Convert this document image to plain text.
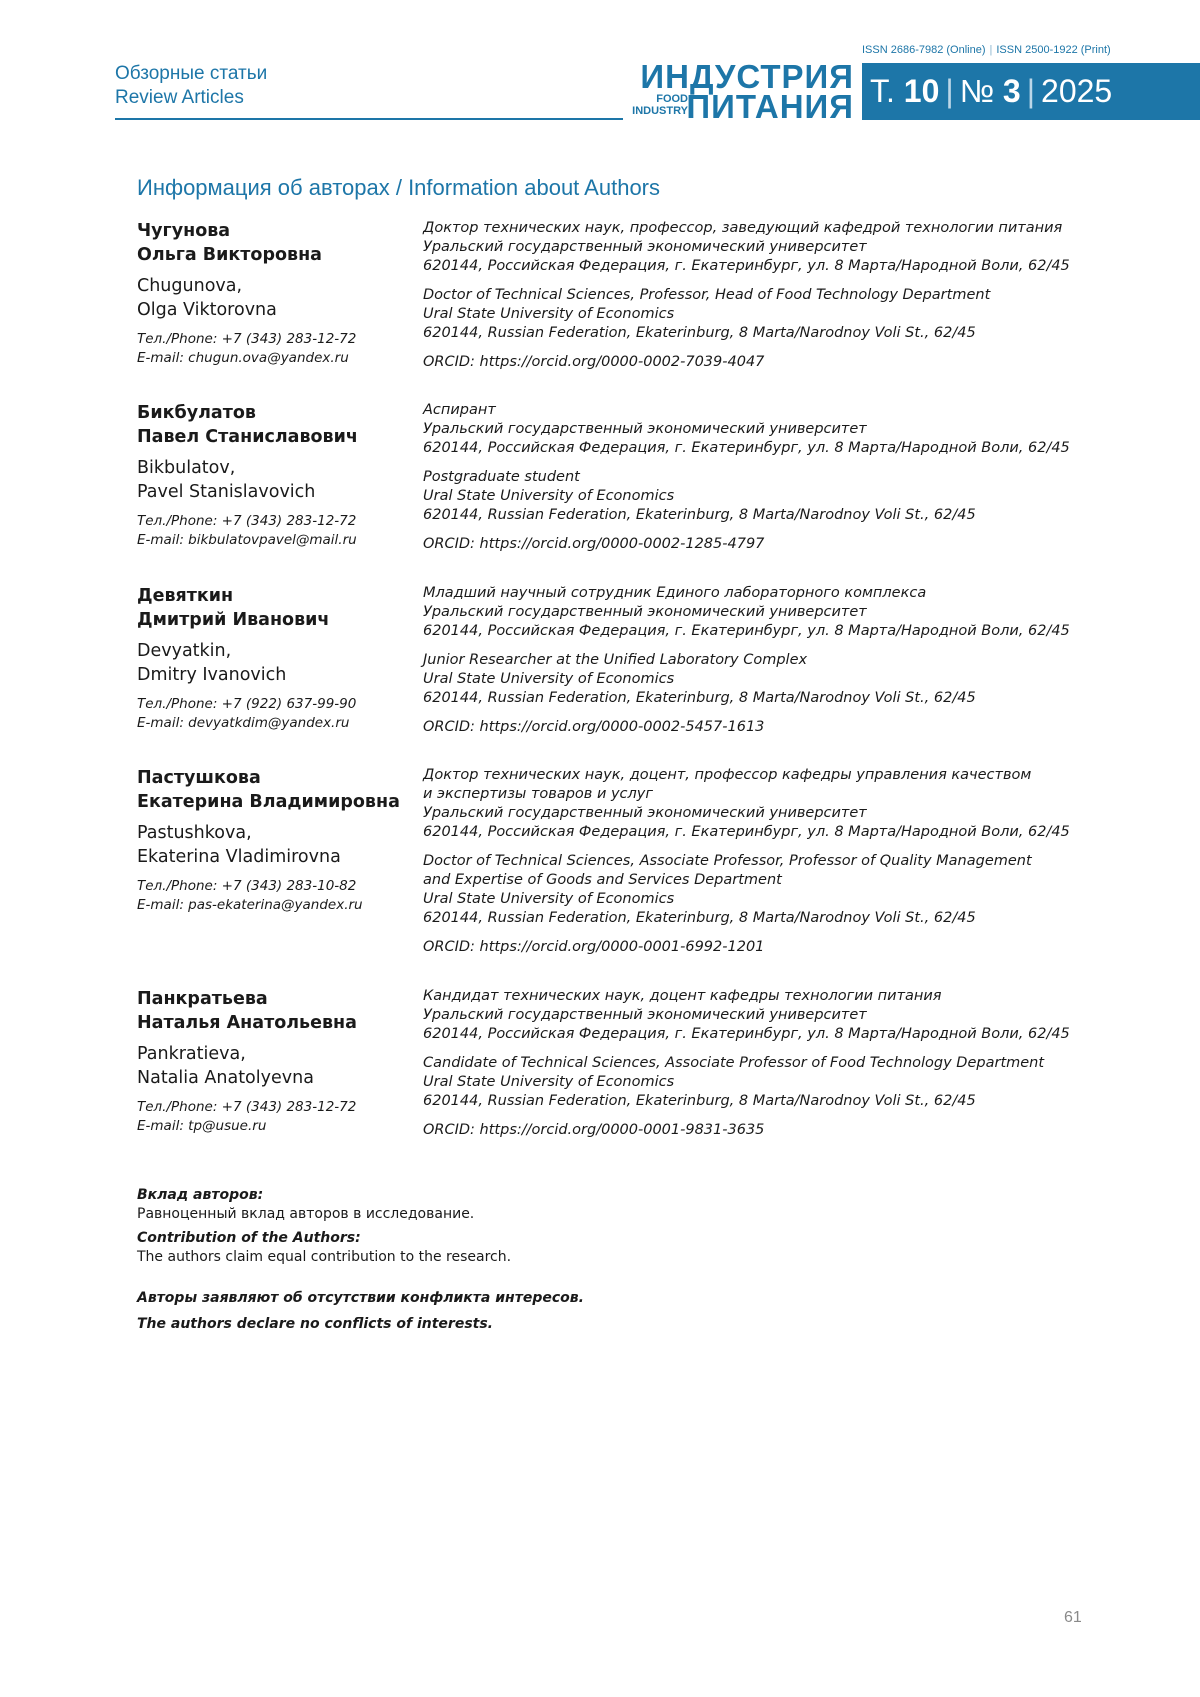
Обзорные статьи
Review Articles
ISSN 2686-7982 (Online) | ISSN 2500-1922 (Print)
ИНДУСТРИЯ
FOOD
INDUSTRY
ПИТАНИЯ Т. 10 | № 3 | 2025
Информация об авторах / Information about Authors
Чугунова
Ольга Викторовна
Chugunova,
Olga Viktorovna
Тел./Phone: +7 (343) 283-12-72
E-mail: chugun.ova@yandex.ru

Доктор технических наук, профессор, заведующий кафедрой технологии питания
Уральский государственный экономический университет
620144, Российская Федерация, г. Екатеринбург, ул. 8 Марта/Народной Воли, 62/45

Doctor of Technical Sciences, Professor, Head of Food Technology Department
Ural State University of Economics
620144, Russian Federation, Ekaterinburg, 8 Marta/Narodnoy Voli St., 62/45

ORCID: https://orcid.org/0000-0002-7039-4047

Бикбулатов
Павел Станиславович
Bikbulatov,
Pavel Stanislavovich
Тел./Phone: +7 (343) 283-12-72
E-mail: bikbulatovpavel@mail.ru

Аспирант
Уральский государственный экономический университет
620144, Российская Федерация, г. Екатеринбург, ул. 8 Марта/Народной Воли, 62/45

Postgraduate student
Ural State University of Economics
620144, Russian Federation, Ekaterinburg, 8 Marta/Narodnoy Voli St., 62/45

ORCID: https://orcid.org/0000-0002-1285-4797

Девяткин
Дмитрий Иванович
Devyatkin,
Dmitry Ivanovich
Тел./Phone: +7 (922) 637-99-90
E-mail: devyatkdim@yandex.ru

Младший научный сотрудник Единого лабораторного комплекса
Уральский государственный экономический университет
620144, Российская Федерация, г. Екатеринбург, ул. 8 Марта/Народной Воли, 62/45

Junior Researcher at the Unified Laboratory Complex
Ural State University of Economics
620144, Russian Federation, Ekaterinburg, 8 Marta/Narodnoy Voli St., 62/45

ORCID: https://orcid.org/0000-0002-5457-1613

Пастушкова
Екатерина Владимировна
Pastushkova,
Ekaterina Vladimirovna
Тел./Phone: +7 (343) 283-10-82
E-mail: pas-ekaterina@yandex.ru

Доктор технических наук, доцент, профессор кафедры управления качеством
и экспертизы товаров и услуг
Уральский государственный экономический университет
620144, Российская Федерация, г. Екатеринбург, ул. 8 Марта/Народной Воли, 62/45

Doctor of Technical Sciences, Associate Professor, Professor of Quality Management
and Expertise of Goods and Services Department
Ural State University of Economics
620144, Russian Federation, Ekaterinburg, 8 Marta/Narodnoy Voli St., 62/45

ORCID: https://orcid.org/0000-0001-6992-1201

Панкратьева
Наталья Анатольевна
Pankratieva,
Natalia Anatolyevna
Тел./Phone: +7 (343) 283-12-72
E-mail: tp@usue.ru

Кандидат технических наук, доцент кафедры технологии питания
Уральский государственный экономический университет
620144, Российская Федерация, г. Екатеринбург, ул. 8 Марта/Народной Воли, 62/45

Candidate of Technical Sciences, Associate Professor of Food Technology Department
Ural State University of Economics
620144, Russian Federation, Ekaterinburg, 8 Marta/Narodnoy Voli St., 62/45

ORCID: https://orcid.org/0000-0001-9831-3635

Вклад авторов:
Равноценный вклад авторов в исследование.
Contribution of the Authors:
The authors claim equal contribution to the research.
Авторы заявляют об отсутствии конфликта интересов.
The authors declare no conflicts of interests.
61
